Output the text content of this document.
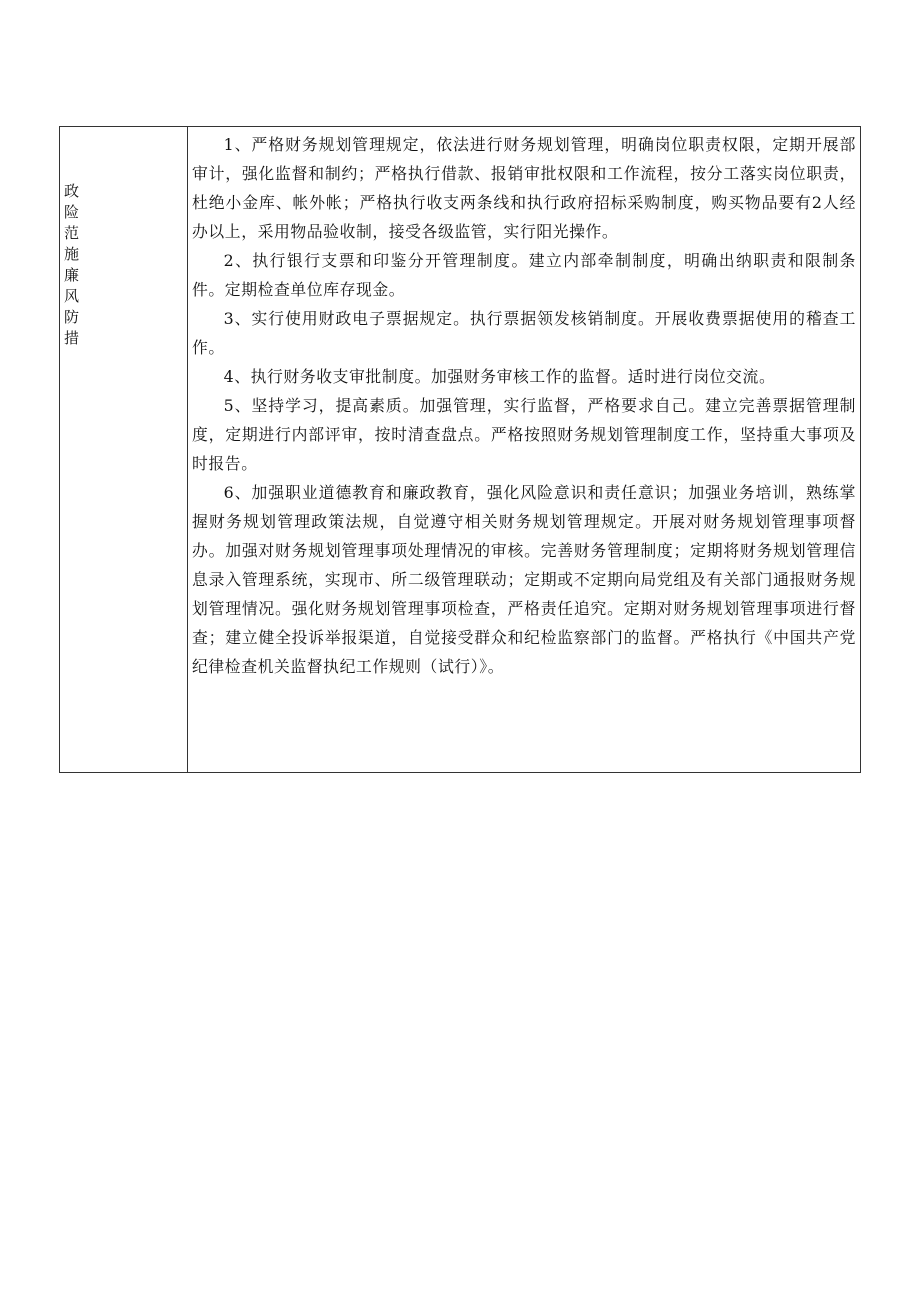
政险范施廉风防措

1、严格财务规划管理规定，依法进行财务规划管理，明确岗位职责权限，定期开展部审计，强化监督和制约；严格执行借款、报销审批权限和工作流程，按分工落实岗位职责，杜绝小金库、帐外帐；严格执行收支两条线和执行政府招标采购制度，购买物品要有2人经办以上，采用物品验收制，接受各级监管，实行阳光操作。

2、执行银行支票和印鉴分开管理制度。建立内部牵制制度，明确出纳职责和限制条件。定期检查单位库存现金。

3、实行使用财政电子票据规定。执行票据领发核销制度。开展收费票据使用的稽查工作。

4、执行财务收支审批制度。加强财务审核工作的监督。适时进行岗位交流。

5、坚持学习，提高素质。加强管理，实行监督，严格要求自己。建立完善票据管理制度，定期进行内部评审，按时清查盘点。严格按照财务规划管理制度工作，坚持重大事项及时报告。

6、加强职业道德教育和廉政教育，强化风险意识和责任意识；加强业务培训，熟练掌握财务规划管理政策法规，自觉遵守相关财务规划管理规定。开展对财务规划管理事项督办。加强对财务规划管理事项处理情况的审核。完善财务管理制度；定期将财务规划管理信息录入管理系统，实现市、所二级管理联动；定期或不定期向局党组及有关部门通报财务规划管理情况。强化财务规划管理事项检查，严格责任追究。定期对财务规划管理事项进行督查；建立健全投诉举报渠道，自觉接受群众和纪检监察部门的监督。严格执行《中国共产党纪律检查机关监督执纪工作规则（试行）》。
